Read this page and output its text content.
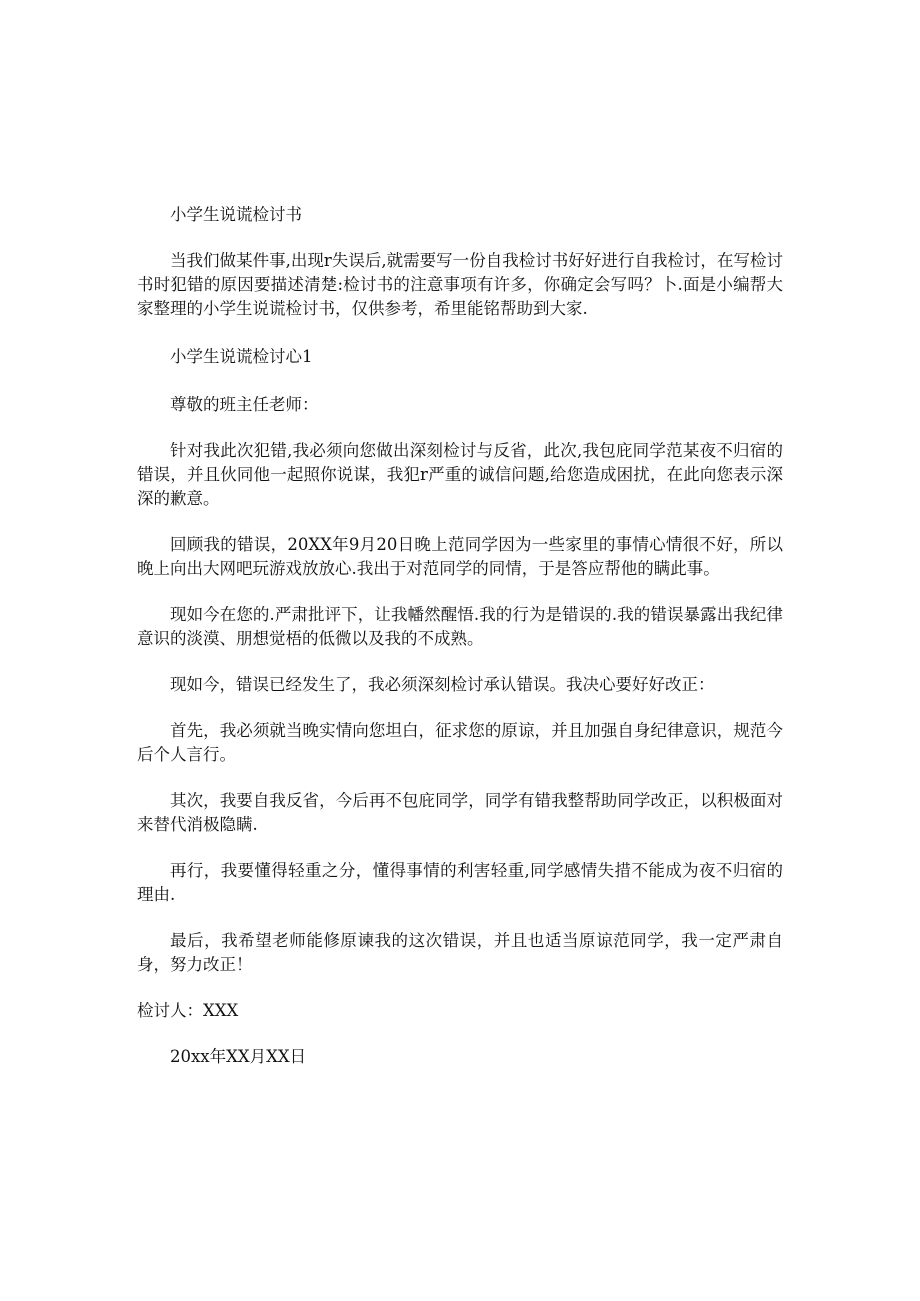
小学生说谎检讨书

当我们做某件事,出现r失误后,就需要写一份自我检讨书好好进行自我检讨，在写检讨书时犯错的原因要描述清楚:检讨书的注意事项有许多，你确定会写吗？卜.面是小编帮大家整理的小学生说谎检讨书，仅供参考，希里能铭帮助到大家.

小学生说谎检讨心1

尊敬的班主任老师：

针对我此次犯错,我必须向您做出深刻检讨与反省，此次,我包庇同学范某夜不归宿的错误，并且伙同他一起照你说谋，我犯r严重的诚信问题,给您造成困扰，在此向您表示深深的歉意。

回顾我的错误，20XX年9月20日晚上范同学因为一些家里的事情心情很不好，所以晚上向出大网吧玩游戏放放心.我出于对范同学的同情，于是答应帮他的瞒此事。

现如今在您的.严肃批评下，让我幡然醒悟.我的行为是错误的.我的错误暴露出我纪律意识的淡漠、朋想觉梧的低微以及我的不成熟。

现如今，错误已经发生了，我必须深刻检讨承认错误。我决心要好好改正：

首先，我必须就当晚实情向您坦白，征求您的原谅，并且加强自身纪律意识，规范今后个人言行。

其次，我要自我反省，今后再不包庇同学，同学有错我整帮助同学改正，以积极面对来替代消极隐瞒.

再行，我要懂得轻重之分，懂得事情的利害轻重,同学感情失措不能成为夜不归宿的理由.

最后，我希望老师能修原谏我的这次错误，并且也适当原谅范同学，我一定严肃自身，努力改正！

检讨人：XXX

20xx年XX月XX日
